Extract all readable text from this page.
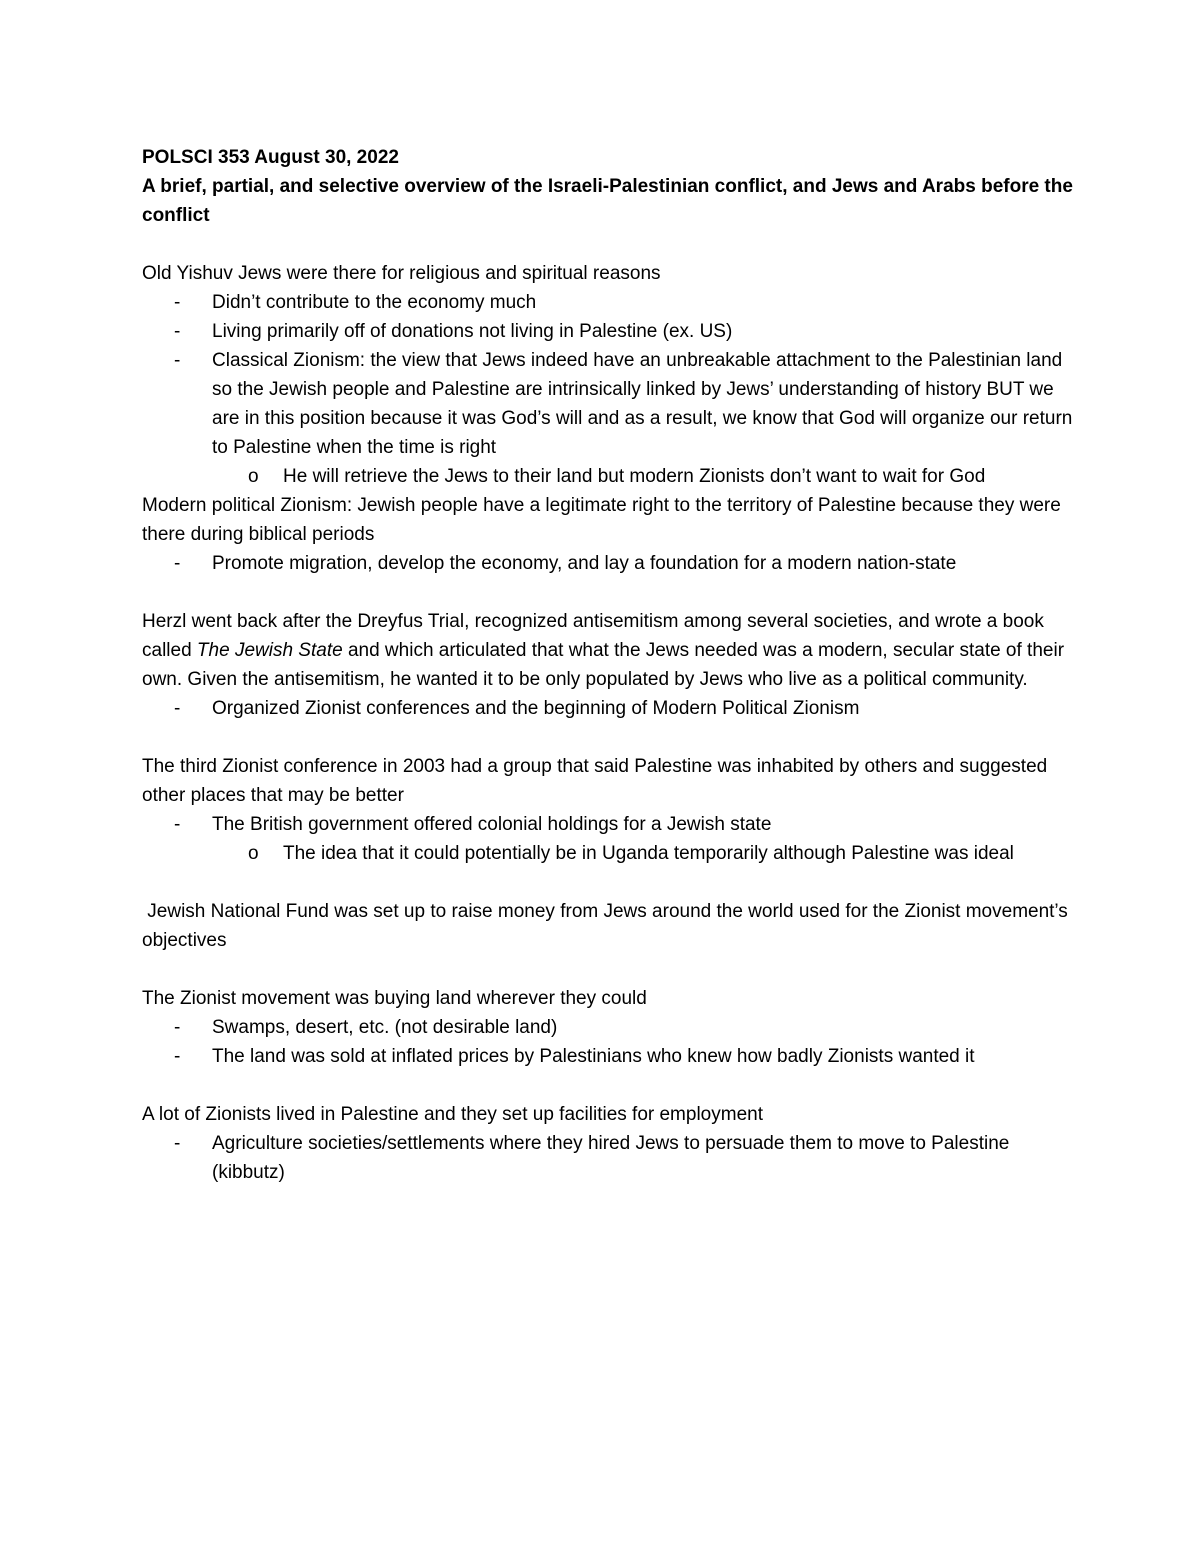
POLSCI 353 August 30, 2022

A brief, partial, and selective overview of the Israeli-Palestinian conflict, and Jews and Arabs before the conflict

Old Yishuv Jews were there for religious and spiritual reasons

- Didn’t contribute to the economy much
- Living primarily off of donations not living in Palestine (ex. US)
- Classical Zionism: the view that Jews indeed have an unbreakable attachment to the Palestinian land so the Jewish people and Palestine are intrinsically linked by Jews’ understanding of history BUT we are in this position because it was God’s will and as a result, we know that God will organize our return to Palestine when the time is right
o He will retrieve the Jews to their land but modern Zionists don’t want to wait for God

Modern political Zionism: Jewish people have a legitimate right to the territory of Palestine because they were there during biblical periods

- Promote migration, develop the economy, and lay a foundation for a modern nation-state

Herzl went back after the Dreyfus Trial, recognized antisemitism among several societies, and wrote a book called The Jewish State and which articulated that what the Jews needed was a modern, secular state of their own. Given the antisemitism, he wanted it to be only populated by Jews who live as a political community.

- Organized Zionist conferences and the beginning of Modern Political Zionism

The third Zionist conference in 2003 had a group that said Palestine was inhabited by others and suggested other places that may be better

- The British government offered colonial holdings for a Jewish state
o The idea that it could potentially be in Uganda temporarily although Palestine was ideal

Jewish National Fund was set up to raise money from Jews around the world used for the Zionist movement’s objectives

The Zionist movement was buying land wherever they could

- Swamps, desert, etc. (not desirable land)
- The land was sold at inflated prices by Palestinians who knew how badly Zionists wanted it

A lot of Zionists lived in Palestine and they set up facilities for employment

- Agriculture societies/settlements where they hired Jews to persuade them to move to Palestine (kibbutz)
